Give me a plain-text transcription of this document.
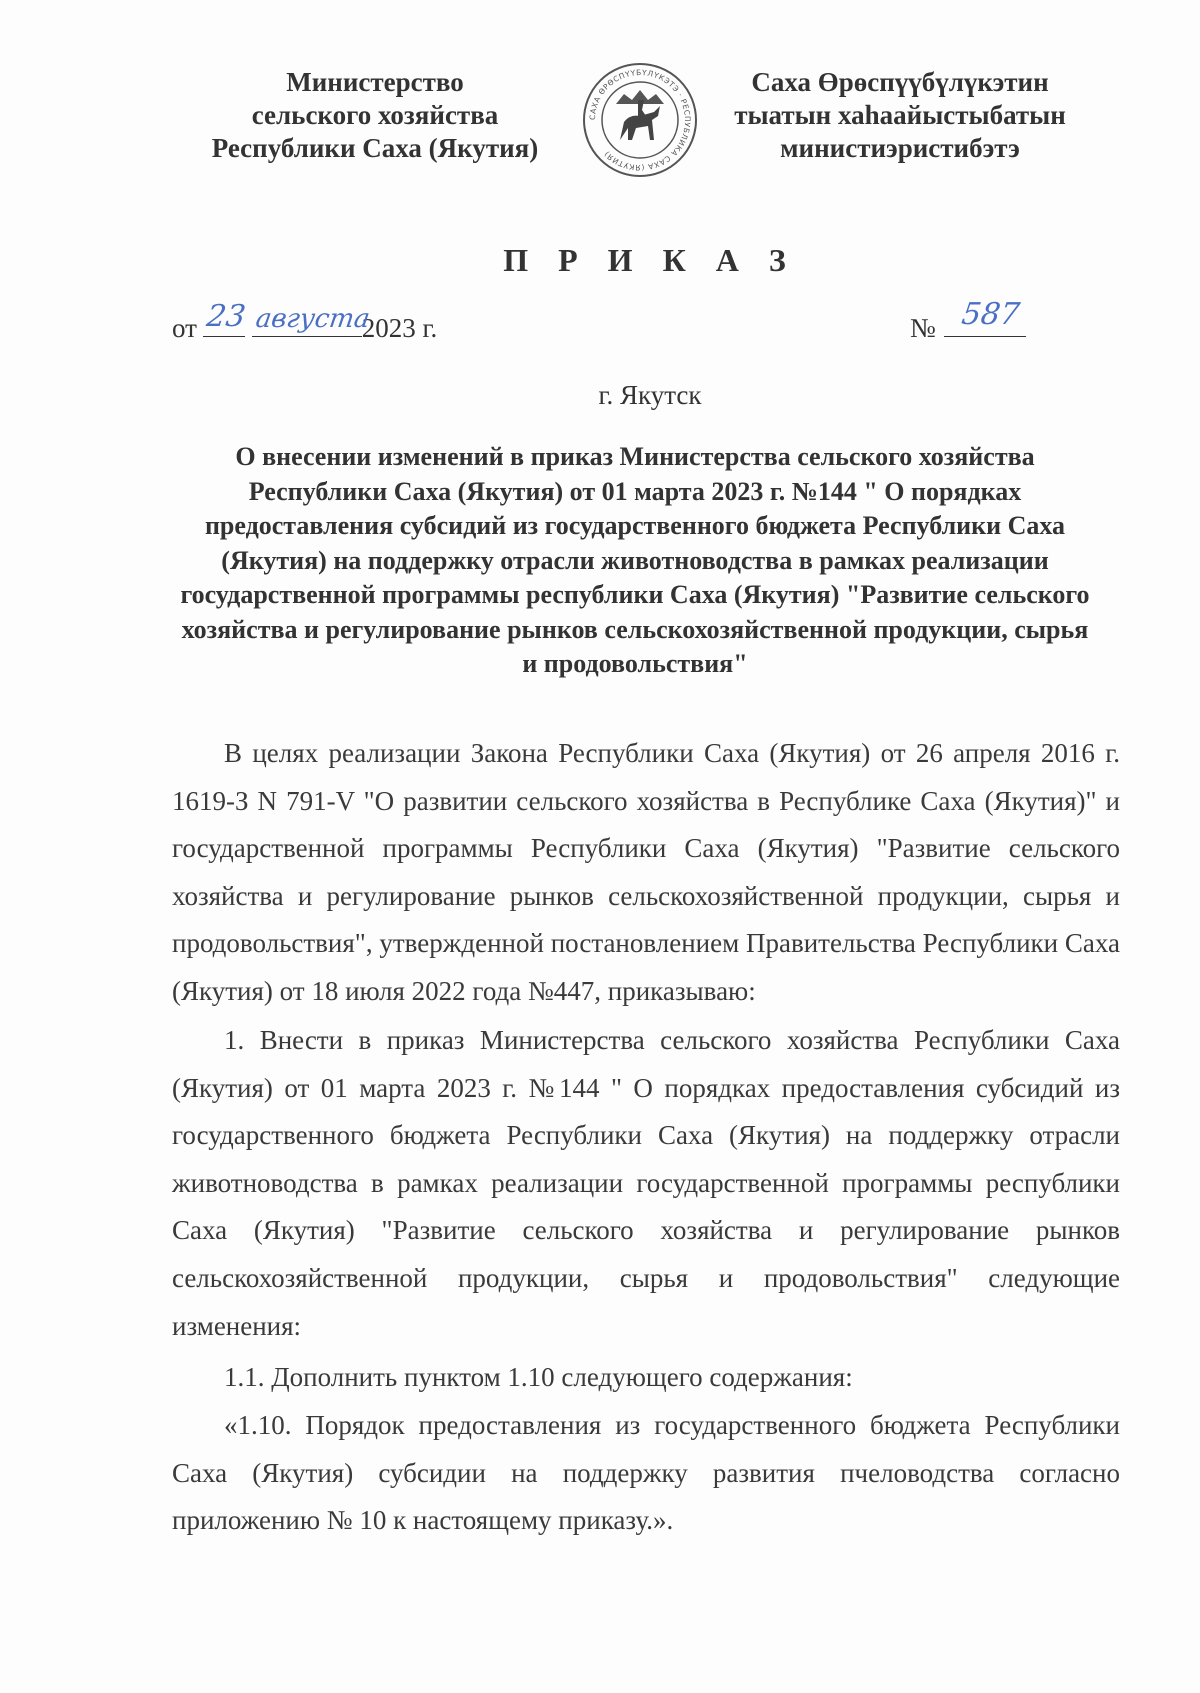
Министерство
сельского хозяйства
Республики Саха (Якутия)
САХА ӨРӨСПҮҮБҮЛҮКЭТЭ · РЕСПУБЛИКА САХА (ЯКУТИЯ)
Саха Өрөспүүбүлүкэтин
тыатын хаһаайыстыбатын
министиэристибэтэ
П Р И К А З
от 23
августа
2023 г.	№ 587
г. Якутск
О внесении изменений в приказ Министерства сельского хозяйства Республики Саха (Якутия) от 01 марта 2023 г. №144 " О порядках предоставления субсидий из государственного бюджета Республики Саха (Якутия) на поддержку отрасли животноводства в рамках реализации государственной программы республики Саха (Якутия) "Развитие сельского хозяйства и регулирование рынков сельскохозяйственной продукции, сырья и продовольствия"

В целях реализации Закона Республики Саха (Якутия) от 26 апреля 2016 г. 1619-З N 791-V "О развитии сельского хозяйства в Республике Саха (Якутия)" и государственной программы Республики Саха (Якутия) "Развитие сельского хозяйства и регулирование рынков сельскохозяйственной продукции, сырья и продовольствия", утвержденной постановлением Правительства Республики Саха (Якутия) от 18 июля 2022 года №447, приказываю:

1. Внести в приказ Министерства сельского хозяйства Республики Саха (Якутия) от 01 марта 2023 г. №144 " О порядках предоставления субсидий из государственного бюджета Республики Саха (Якутия) на поддержку отрасли животноводства в рамках реализации государственной программы республики Саха (Якутия) "Развитие сельского хозяйства и регулирование рынков сельскохозяйственной продукции, сырья и продовольствия" следующие изменения:

1.1. Дополнить пунктом 1.10 следующего содержания:

«1.10. Порядок предоставления из государственного бюджета Республики Саха (Якутия) субсидии на поддержку развития пчеловодства согласно приложению № 10 к настоящему приказу.».
